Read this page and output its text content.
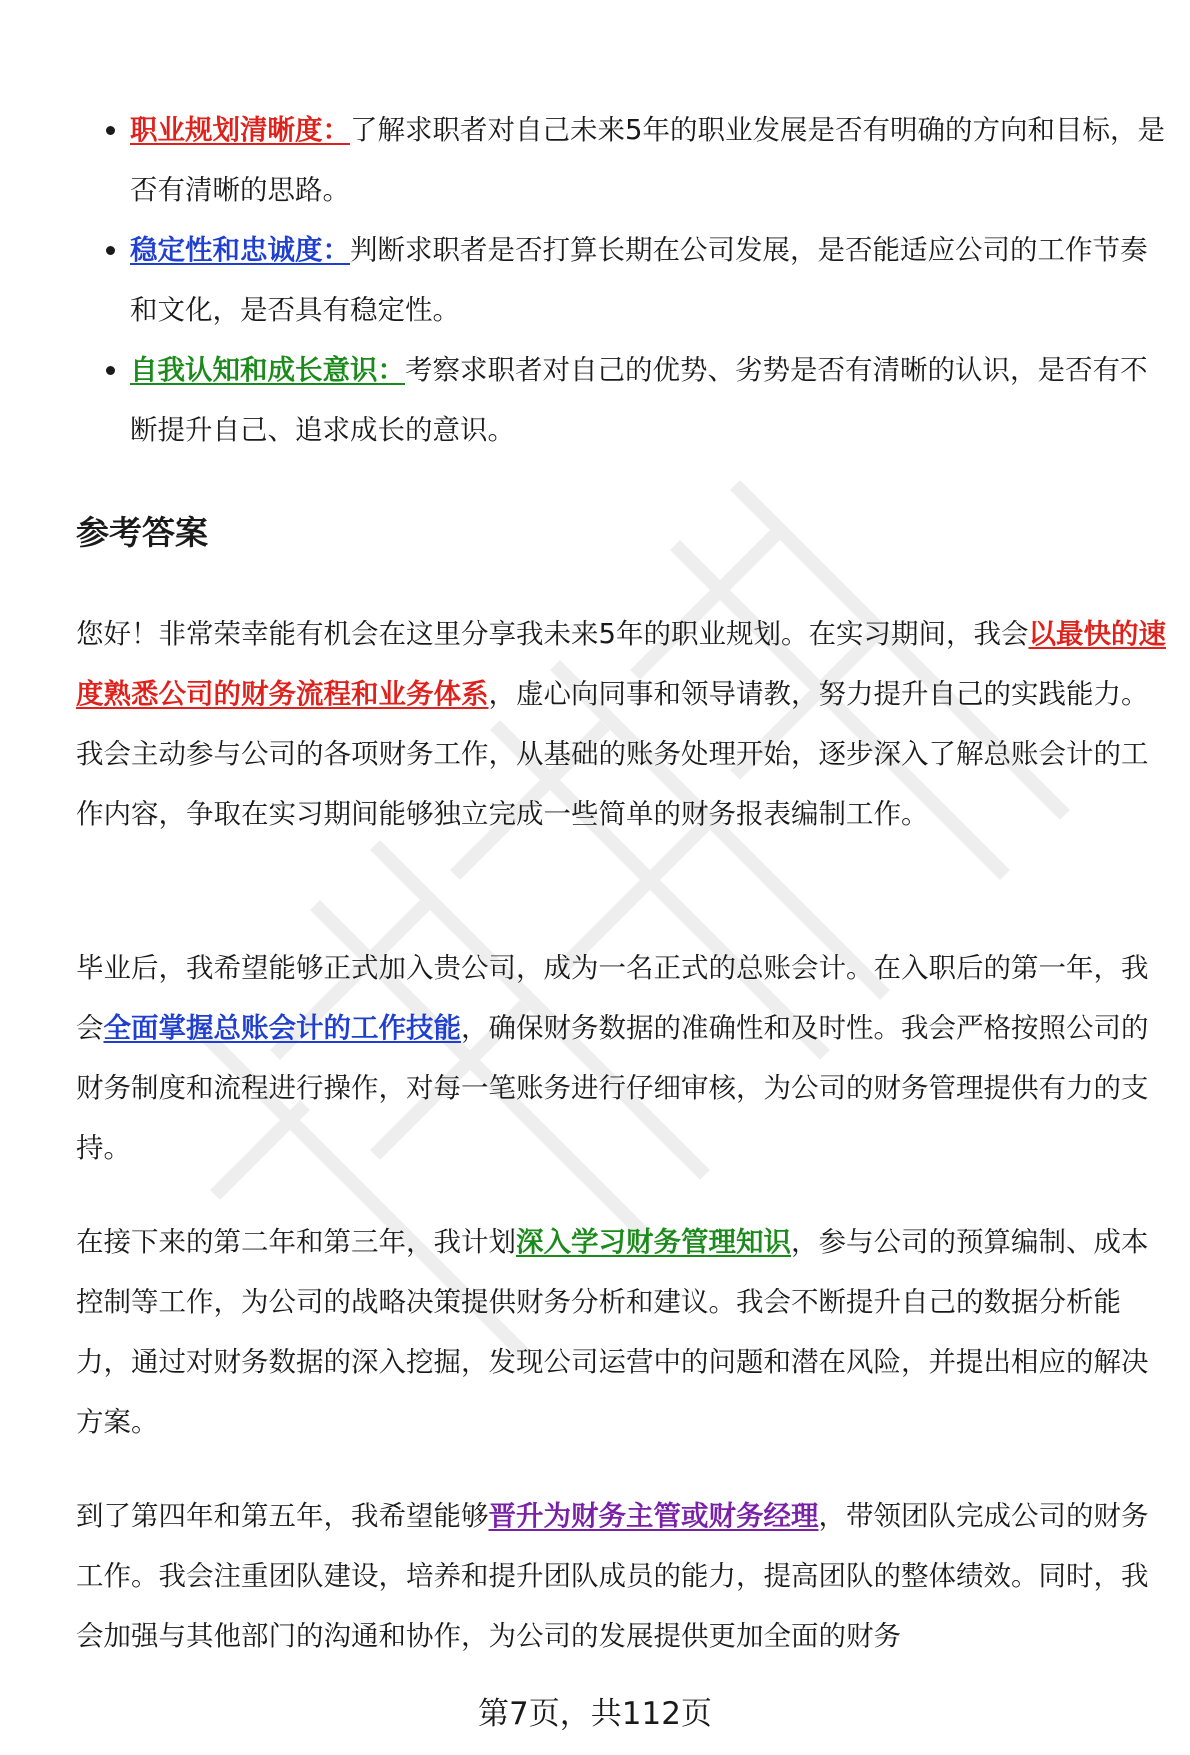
职业规划清晰度：了解求职者对自己未来5年的职业发展是否有明确的方向和目标，是否有清晰的思路。
稳定性和忠诚度：判断求职者是否打算长期在公司发展，是否能适应公司的工作节奏和文化，是否具有稳定性。
自我认知和成长意识：考察求职者对自己的优势、劣势是否有清晰的认识，是否有不断提升自己、追求成长的意识。
参考答案

您好！非常荣幸能有机会在这里分享我未来5年的职业规划。在实习期间，我会以最快的速度熟悉公司的财务流程和业务体系，虚心向同事和领导请教，努力提升自己的实践能力。我会主动参与公司的各项财务工作，从基础的账务处理开始，逐步深入了解总账会计的工作内容，争取在实习期间能够独立完成一些简单的财务报表编制工作。

毕业后，我希望能够正式加入贵公司，成为一名正式的总账会计。在入职后的第一年，我会全面掌握总账会计的工作技能，确保财务数据的准确性和及时性。我会严格按照公司的财务制度和流程进行操作，对每一笔账务进行仔细审核，为公司的财务管理提供有力的支持。

在接下来的第二年和第三年，我计划深入学习财务管理知识，参与公司的预算编制、成本控制等工作，为公司的战略决策提供财务分析和建议。我会不断提升自己的数据分析能力，通过对财务数据的深入挖掘，发现公司运营中的问题和潜在风险，并提出相应的解决方案。

到了第四年和第五年，我希望能够晋升为财务主管或财务经理，带领团队完成公司的财务工作。我会注重团队建设，培养和提升团队成员的能力，提高团队的整体绩效。同时，我会加强与其他部门的沟通和协作，为公司的发展提供更加全面的财务

第7页，共112页
